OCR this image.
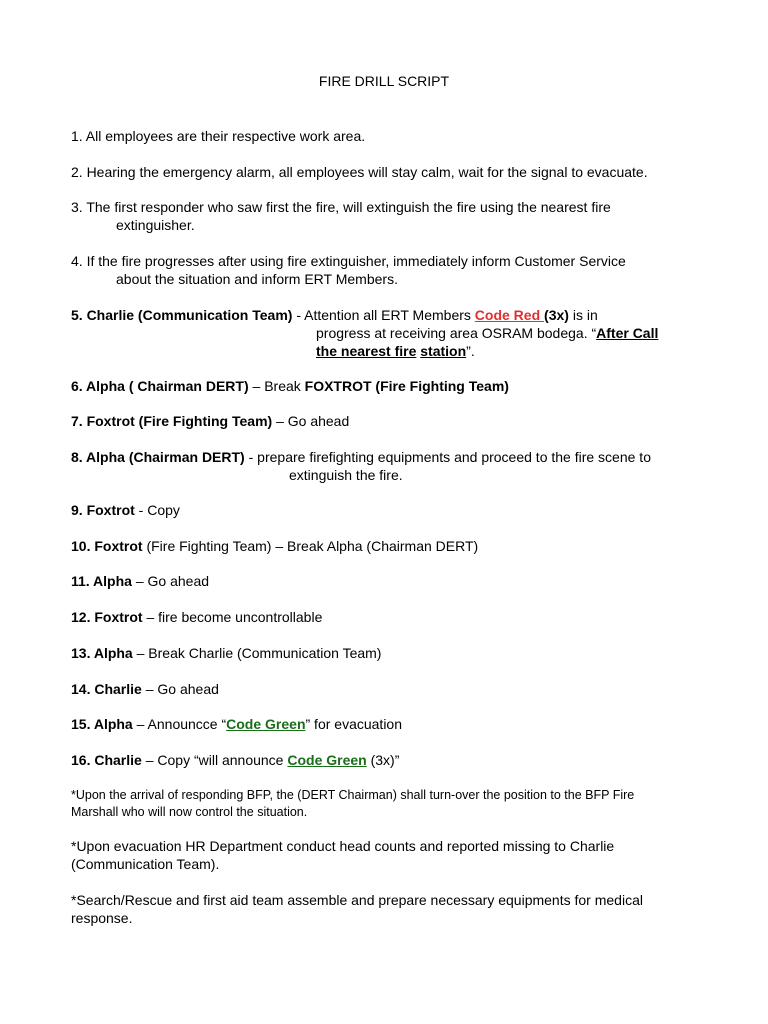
FIRE DRILL SCRIPT
1. All employees are their respective work area.
2. Hearing the emergency alarm, all employees will stay calm, wait for the signal to evacuate.
3. The first responder who saw first the fire, will extinguish the fire using the nearest fire
extinguisher.
4. If the fire progresses after using fire extinguisher, immediately inform Customer Service
about the situation and inform ERT Members.
5. Charlie (Communication Team) - Attention all ERT Members Code Red (3x) is in
progress at receiving area OSRAM bodega. “After Call
the nearest fire station”.
6. Alpha ( Chairman DERT) – Break FOXTROT (Fire Fighting Team)
7. Foxtrot (Fire Fighting Team) – Go ahead
8. Alpha (Chairman DERT) - prepare firefighting equipments and proceed to the fire scene to
extinguish the fire.
9. Foxtrot - Copy
10. Foxtrot (Fire Fighting Team) – Break Alpha (Chairman DERT)
11. Alpha – Go ahead
12. Foxtrot – fire become uncontrollable
13. Alpha – Break Charlie (Communication Team)
14. Charlie – Go ahead
15. Alpha – Announcce “Code Green” for evacuation
16. Charlie – Copy “will announce Code Green (3x)”
*Upon the arrival of responding BFP, the (DERT Chairman) shall turn-over the position to the BFP Fire
Marshall who will now control the situation.
*Upon evacuation HR Department conduct head counts and reported missing to Charlie
(Communication Team).
*Search/Rescue and first aid team assemble and prepare necessary equipments for medical
response.
